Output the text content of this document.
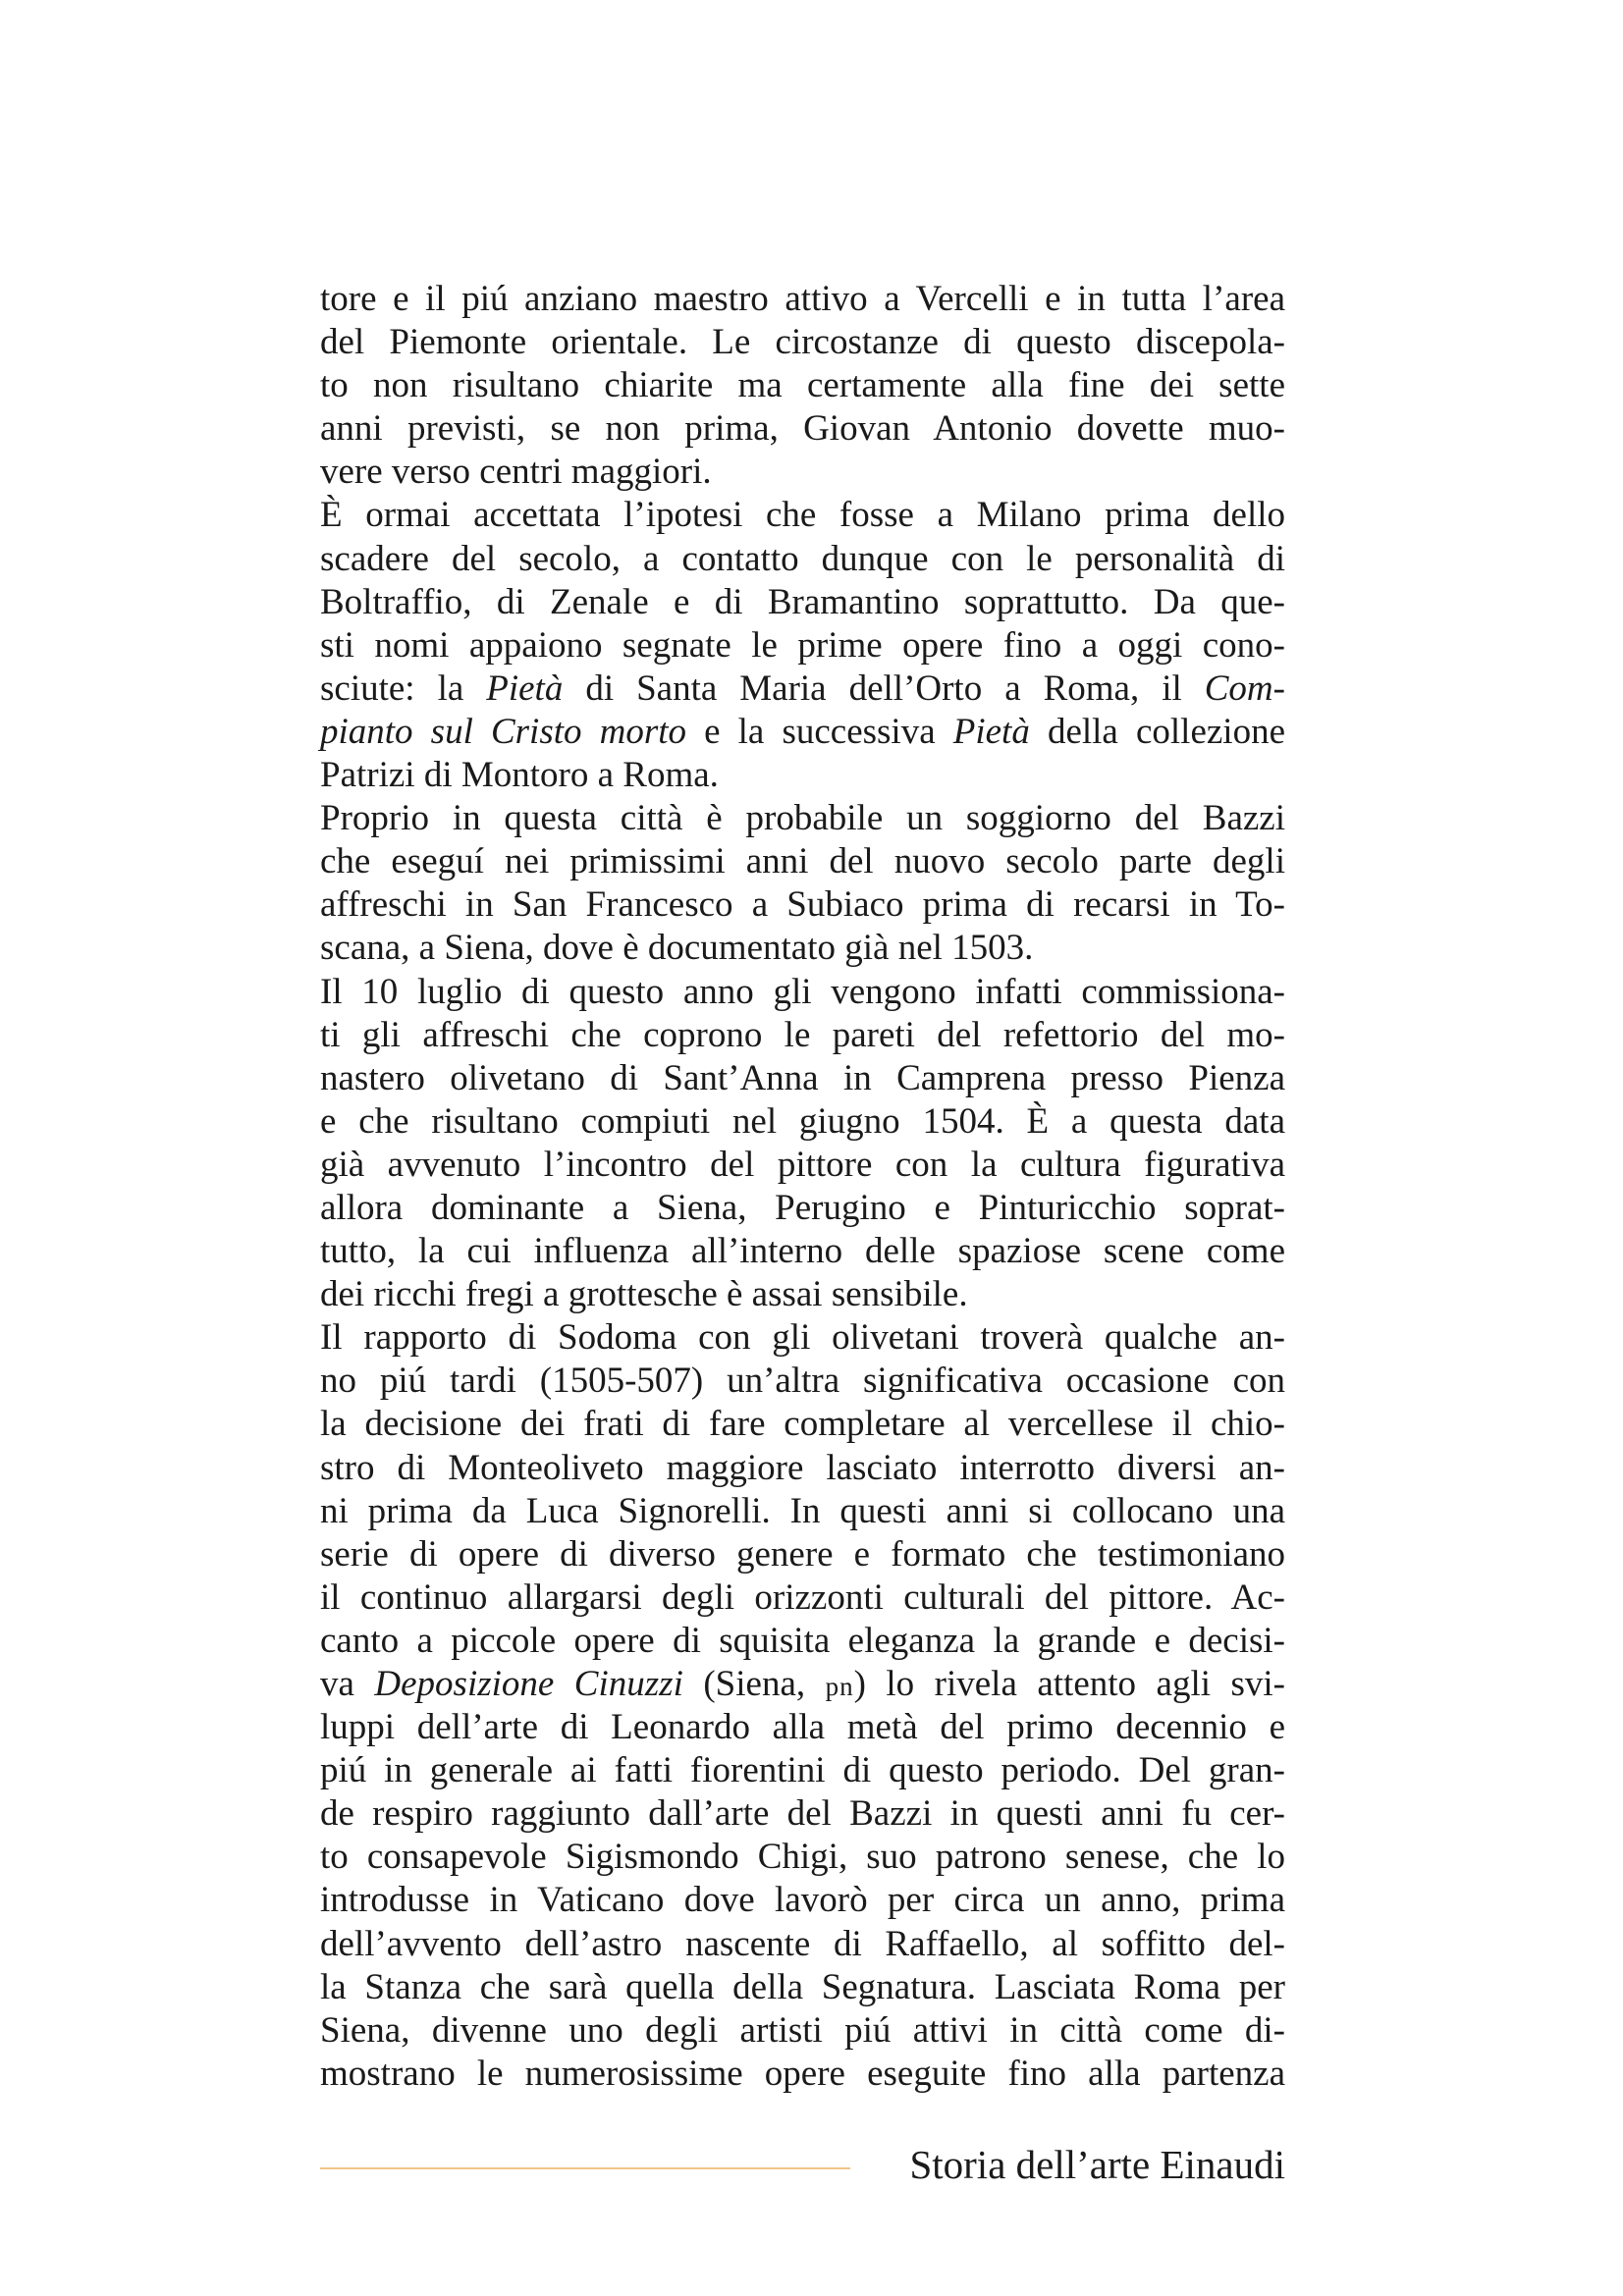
tore e il piú anziano maestro attivo a Vercelli e in tutta l’area
del Piemonte orientale. Le circostanze di questo discepola-
to non risultano chiarite ma certamente alla fine dei sette
anni previsti, se non prima, Giovan Antonio dovette muo-
vere verso centri maggiori.
È ormai accettata l’ipotesi che fosse a Milano prima dello
scadere del secolo, a contatto dunque con le personalità di
Boltraffio, di Zenale e di Bramantino soprattutto. Da que-
sti nomi appaiono segnate le prime opere fino a oggi cono-
sciute: la Pietà di Santa Maria dell’Orto a Roma, il Com-
pianto sul Cristo morto e la successiva Pietà della collezione
Patrizi di Montoro a Roma.
Proprio in questa città è probabile un soggiorno del Bazzi
che eseguí nei primissimi anni del nuovo secolo parte degli
affreschi in San Francesco a Subiaco prima di recarsi in To-
scana, a Siena, dove è documentato già nel 1503.
Il 10 luglio di questo anno gli vengono infatti commissiona-
ti gli affreschi che coprono le pareti del refettorio del mo-
nastero olivetano di Sant’Anna in Camprena presso Pienza
e che risultano compiuti nel giugno 1504. È a questa data
già avvenuto l’incontro del pittore con la cultura figurativa
allora dominante a Siena, Perugino e Pinturicchio soprat-
tutto, la cui influenza all’interno delle spaziose scene come
dei ricchi fregi a grottesche è assai sensibile.
Il rapporto di Sodoma con gli olivetani troverà qualche an-
no piú tardi (1505-507) un’altra significativa occasione con
la decisione dei frati di fare completare al vercellese il chio-
stro di Monteoliveto maggiore lasciato interrotto diversi an-
ni prima da Luca Signorelli. In questi anni si collocano una
serie di opere di diverso genere e formato che testimoniano
il continuo allargarsi degli orizzonti culturali del pittore. Ac-
canto a piccole opere di squisita eleganza la grande e decisi-
va Deposizione Cinuzzi (Siena, pn) lo rivela attento agli svi-
luppi dell’arte di Leonardo alla metà del primo decennio e
piú in generale ai fatti fiorentini di questo periodo. Del gran-
de respiro raggiunto dall’arte del Bazzi in questi anni fu cer-
to consapevole Sigismondo Chigi, suo patrono senese, che lo
introdusse in Vaticano dove lavorò per circa un anno, prima
dell’avvento dell’astro nascente di Raffaello, al soffitto del-
la Stanza che sarà quella della Segnatura. Lasciata Roma per
Siena, divenne uno degli artisti piú attivi in città come di-
mostrano le numerosissime opere eseguite fino alla partenza
Storia dell’arte Einaudi
